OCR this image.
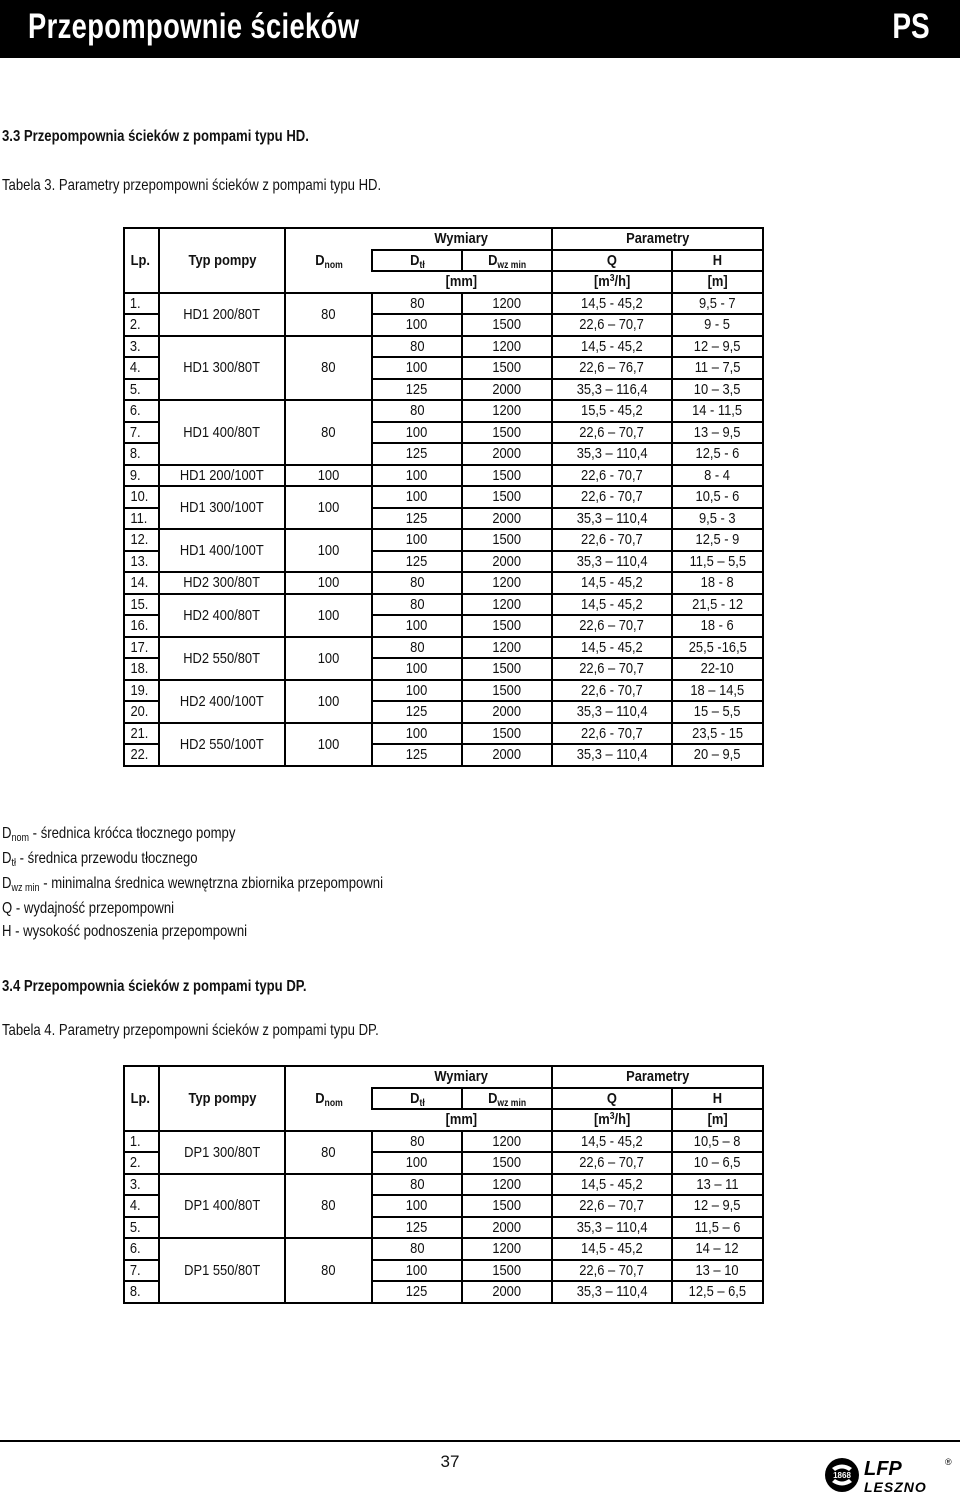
Przepompownie ścieków	PS
3.3 Przepompownia ścieków z pompami typu HD.
Tabela 3. Parametry przepompowni ścieków z pompami typu HD.
			Wymiary		Parametry	
Lp.	Typ pompy	$D_{nom}$	$D_{tł}$	$D_{wz min}$	Q	H
			[mm]		$[m^3/h]$	[m]
1.	HD1 200/80T	80	80	1200	14,5 - 45,2	9,5 - 7
2.			100	1500	22,6 – 70,7	9 - 5
3.	HD1 300/80T	80	80	1200	14,5 - 45,2	12 – 9,5
4.			100	1500	22,6 – 76,7	11 – 7,5
5.			125	2000	35,3 – 116,4	10 – 3,5
6.	HD1 400/80T	80	80	1200	15,5 - 45,2	14 - 11,5
7.			100	1500	22,6 – 70,7	13 – 9,5
8.			125	2000	35,3 – 110,4	12,5 - 6
9.	HD1 200/100T	100	100	1500	22,6 - 70,7	8 - 4
10.	HD1 300/100T	100	100	1500	22,6 - 70,7	10,5 - 6
11.			125	2000	35,3 – 110,4	9,5 - 3
12.	HD1 400/100T	100	100	1500	22,6 - 70,7	12,5 - 9
13.			125	2000	35,3 – 110,4	11,5 – 5,5
14.	HD2 300/80T	100	80	1200	14,5 - 45,2	18 - 8
15.	HD2 400/80T	100	80	1200	14,5 - 45,2	21,5 - 12
16.			100	1500	22,6 – 70,7	18 - 6
17.	HD2 550/80T	100	80	1200	14,5 - 45,2	25,5 -16,5
18.			100	1500	22,6 – 70,7	22-10
19.	HD2 400/100T	100	100	1500	22,6 - 70,7	18 – 14,5
20.			125	2000	35,3 – 110,4	15 – 5,5
21.	HD2 550/100T	100	100	1500	22,6 - 70,7	23,5 - 15
22.			125	2000	35,3 – 110,4	20 – 9,5
Dnom - średnica króćca tłocznego pompy
Dtł - średnica przewodu tłocznego
Dwz min - minimalna średnica wewnętrzna zbiornika przepompowni
Q - wydajność przepompowni
H - wysokość podnoszenia przepompowni
3.4 Przepompownia ścieków z pompami typu DP.
Tabela 4. Parametry przepompowni ścieków z pompami typu DP.
			Wymiary		Parametry	
Lp.	Typ pompy	$D_{nom}$	$D_{tł}$	$D_{wz min}$	Q	H
			[mm]		$[m^3/h]$	[m]
1.	DP1 300/80T	80	80	1200	14,5 - 45,2	10,5 – 8
2.			100	1500	22,6 – 70,7	10 – 6,5
3.	DP1 400/80T	80	80	1200	14,5 - 45,2	13 – 11
4.			100	1500	22,6 – 70,7	12 – 9,5
5.			125	2000	35,3 – 110,4	11,5 – 6
6.	DP1 550/80T	80	80	1200	14,5 - 45,2	14 – 12
7.			100	1500	22,6 – 70,7	13 – 10
8.			125	2000	35,3 – 110,4	12,5 – 6,5
37
1868 LFP	®
LESZNO
